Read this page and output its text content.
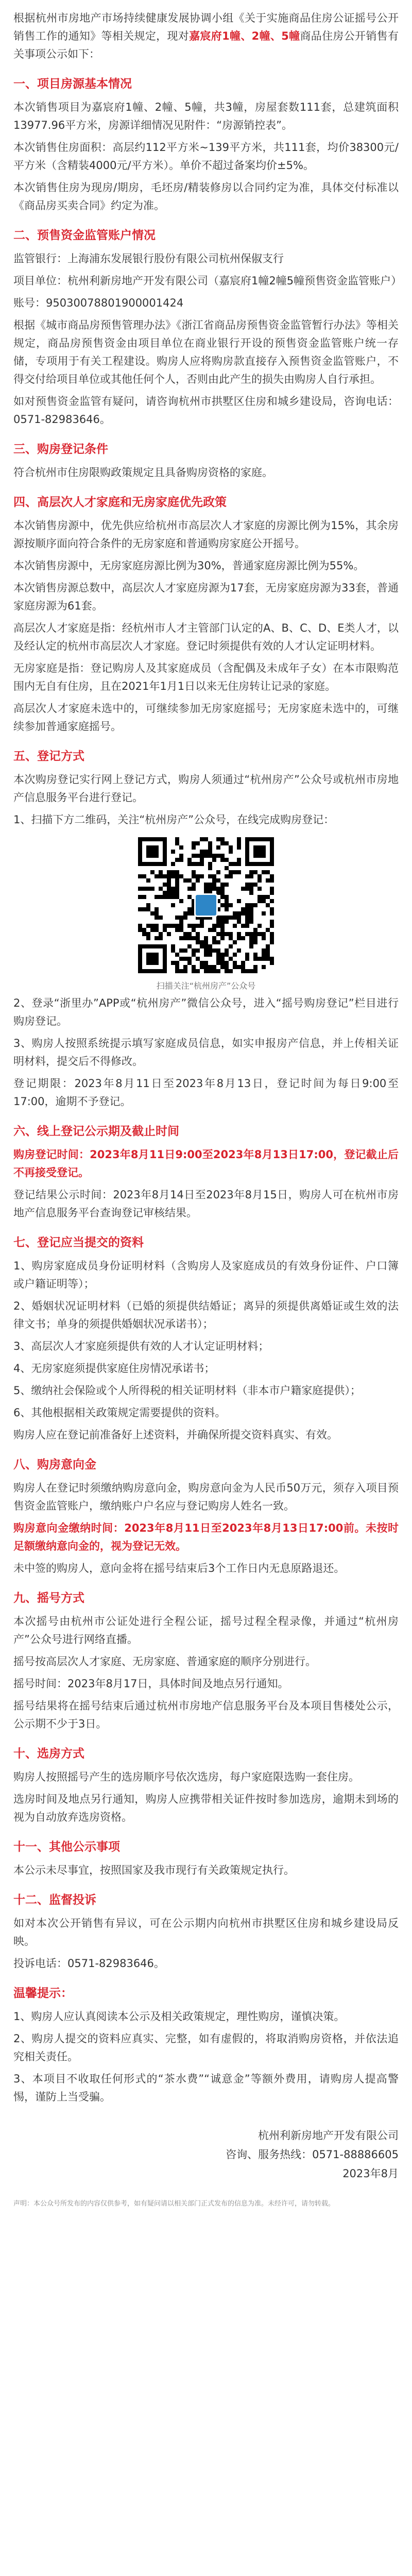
根据杭州市房地产市场持续健康发展协调小组《关于实施商品住房公证摇号公开销售工作的通知》等相关规定，现对嘉宸府1幢、2幢、5幢商品住房公开销售有关事项公示如下：

一、项目房源基本情况

本次销售项目为嘉宸府1幢、2幢、5幢，共3幢，房屋套数111套，总建筑面积13977.96平方米，房源详细情况见附件：“房源销控表”。

本次销售住房面积：高层约112平方米~139平方米，共111套，均价38300元/平方米（含精装4000元/平方米）。单价不超过备案均价±5%。

本次销售住房为现房/期房，毛坯房/精装修房以合同约定为准，具体交付标准以《商品房买卖合同》约定为准。

二、预售资金监管账户情况

监管银行：上海浦东发展银行股份有限公司杭州保俶支行

项目单位：杭州利新房地产开发有限公司（嘉宸府1幢2幢5幢预售资金监管账户）

账号：95030078801900001424

根据《城市商品房预售管理办法》《浙江省商品房预售资金监管暂行办法》等相关规定，商品房预售资金由项目单位在商业银行开设的预售资金监管账户统一存储，专项用于有关工程建设。购房人应将购房款直接存入预售资金监管账户，不得交付给项目单位或其他任何个人，否则由此产生的损失由购房人自行承担。

如对预售资金监管有疑问，请咨询杭州市拱墅区住房和城乡建设局，咨询电话：0571-82983646。

三、购房登记条件

符合杭州市住房限购政策规定且具备购房资格的家庭。

四、高层次人才家庭和无房家庭优先政策

本次销售房源中，优先供应给杭州市高层次人才家庭的房源比例为15%，其余房源按顺序面向符合条件的无房家庭和普通购房家庭公开摇号。

本次销售房源中，无房家庭房源比例为30%，普通家庭房源比例为55%。

本次销售房源总数中，高层次人才家庭房源为17套，无房家庭房源为33套，普通家庭房源为61套。

高层次人才家庭是指：经杭州市人才主管部门认定的A、B、C、D、E类人才，以及经认定的杭州市高层次人才家庭。登记时须提供有效的人才认定证明材料。

无房家庭是指：登记购房人及其家庭成员（含配偶及未成年子女）在本市限购范围内无自有住房，且在2021年1月1日以来无住房转让记录的家庭。

高层次人才家庭未选中的，可继续参加无房家庭摇号；无房家庭未选中的，可继续参加普通家庭摇号。

五、登记方式

本次购房登记实行网上登记方式，购房人须通过“杭州房产”公众号或杭州市房地产信息服务平台进行登记。

1、扫描下方二维码，关注“杭州房产”公众号，在线完成购房登记：

扫描关注“杭州房产”公众号

2、登录“浙里办”APP或“杭州房产”微信公众号，进入“摇号购房登记”栏目进行购房登记。

3、购房人按照系统提示填写家庭成员信息，如实申报房产信息，并上传相关证明材料，提交后不得修改。

登记期限：2023年8月11日至2023年8月13日，登记时间为每日9:00至17:00，逾期不予登记。

六、线上登记公示期及截止时间

购房登记时间：2023年8月11日9:00至2023年8月13日17:00，登记截止后不再接受登记。

登记结果公示时间：2023年8月14日至2023年8月15日，购房人可在杭州市房地产信息服务平台查询登记审核结果。

七、登记应当提交的资料

1、购房家庭成员身份证明材料（含购房人及家庭成员的有效身份证件、户口簿或户籍证明等）；

2、婚姻状况证明材料（已婚的须提供结婚证；离异的须提供离婚证或生效的法律文书；单身的须提供婚姻状况承诺书）；

3、高层次人才家庭须提供有效的人才认定证明材料；

4、无房家庭须提供家庭住房情况承诺书；

5、缴纳社会保险或个人所得税的相关证明材料（非本市户籍家庭提供）；

6、其他根据相关政策规定需要提供的资料。

购房人应在登记前准备好上述资料，并确保所提交资料真实、有效。

八、购房意向金

购房人在登记时须缴纳购房意向金，购房意向金为人民币50万元，须存入项目预售资金监管账户，缴纳账户户名应与登记购房人姓名一致。

购房意向金缴纳时间：2023年8月11日至2023年8月13日17:00前。未按时足额缴纳意向金的，视为登记无效。

未中签的购房人，意向金将在摇号结束后3个工作日内无息原路退还。

九、摇号方式

本次摇号由杭州市公证处进行全程公证，摇号过程全程录像，并通过“杭州房产”公众号进行网络直播。

摇号按高层次人才家庭、无房家庭、普通家庭的顺序分别进行。

摇号时间：2023年8月17日，具体时间及地点另行通知。

摇号结果将在摇号结束后通过杭州市房地产信息服务平台及本项目售楼处公示，公示期不少于3日。

十、选房方式

购房人按照摇号产生的选房顺序号依次选房，每户家庭限选购一套住房。

选房时间及地点另行通知，购房人应携带相关证件按时参加选房，逾期未到场的视为自动放弃选房资格。

十一、其他公示事项

本公示未尽事宜，按照国家及我市现行有关政策规定执行。

十二、监督投诉

如对本次公开销售有异议，可在公示期内向杭州市拱墅区住房和城乡建设局反映。

投诉电话：0571-82983646。

温馨提示：

1、购房人应认真阅读本公示及相关政策规定，理性购房，谨慎决策。

2、购房人提交的资料应真实、完整，如有虚假的，将取消购房资格，并依法追究相关责任。

3、本项目不收取任何形式的“茶水费”“诚意金”等额外费用，请购房人提高警惕，谨防上当受骗。

杭州利新房地产开发有限公司

咨询、服务热线：0571-88886605

2023年8月

声明：本公众号所发布的内容仅供参考，如有疑问请以相关部门正式发布的信息为准。未经许可，请勿转载。
